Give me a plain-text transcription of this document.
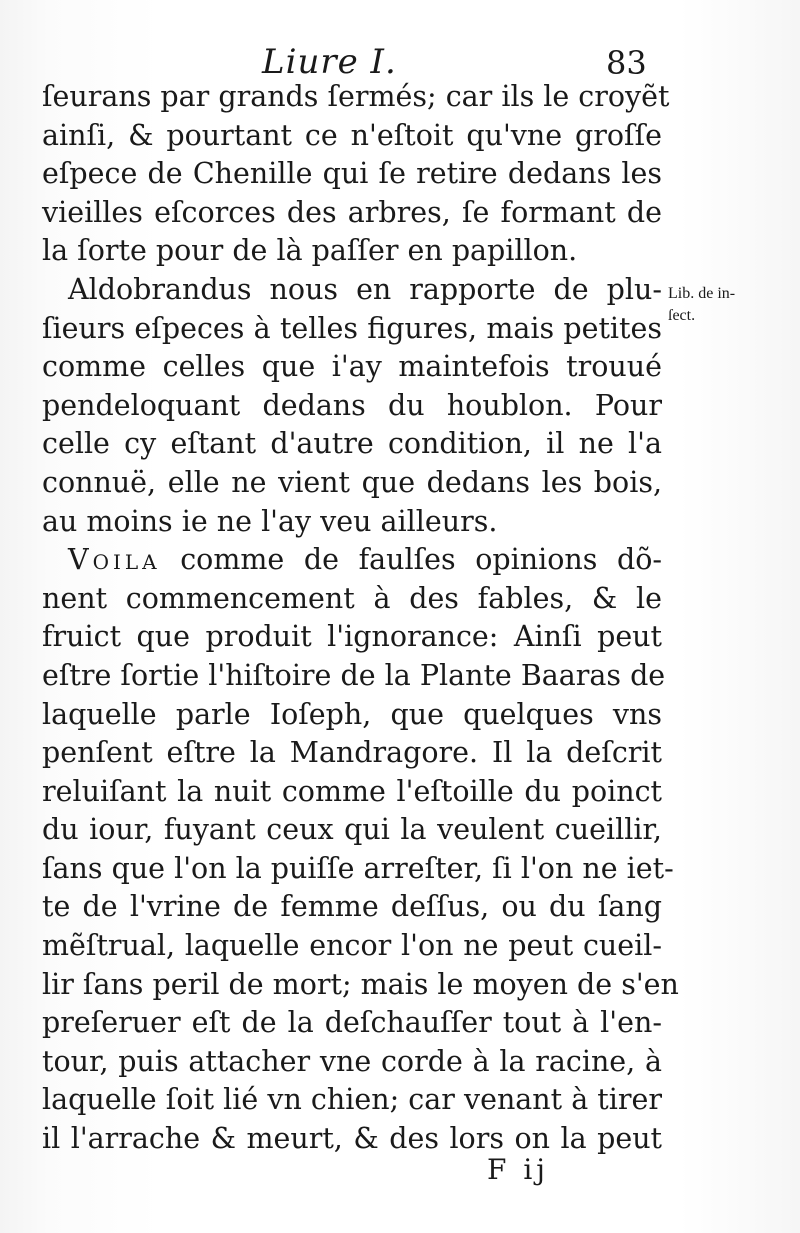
Liure I.	83
ſeurans par grands ſermés; car ils le croyẽt
ainſi, & pourtant ce n'eſtoit qu'vne groſſe
eſpece de Chenille qui ſe retire dedans les
vieilles eſcorces des arbres, ſe formant de
la ſorte pour de là paſſer en papillon.
Aldobrandus nous en rapporte de plu-
ſieurs eſpeces à telles figures, mais petites
comme celles que i'ay maintefois trouué
pendeloquant dedans du houblon. Pour
celle cy eſtant d'autre condition, il ne l'a
connuë, elle ne vient que dedans les bois,
au moins ie ne l'ay veu ailleurs.
Voila comme de faulſes opinions dõ-
nent commencement à des fables, & le
fruict que produit l'ignorance: Ainſi peut
eſtre ſortie l'hiſtoire de la Plante Baaras de
laquelle parle Ioſeph, que quelques vns
penſent eſtre la Mandragore. Il la deſcrit
reluiſant la nuit comme l'eſtoille du poinct
du iour, fuyant ceux qui la veulent cueillir,
ſans que l'on la puiſſe arreſter, ſi l'on ne iet-
te de l'vrine de femme deſſus, ou du ſang
mẽſtrual, laquelle encor l'on ne peut cueil-
lir ſans peril de mort; mais le moyen de s'en
preſeruer eſt de la deſchauſſer tout à l'en-
tour, puis attacher vne corde à la racine, à
laquelle ſoit lié vn chien; car venant à tirer
il l'arrache & meurt, & des lors on la peut
Lib. de in-
ſect.
F ij
